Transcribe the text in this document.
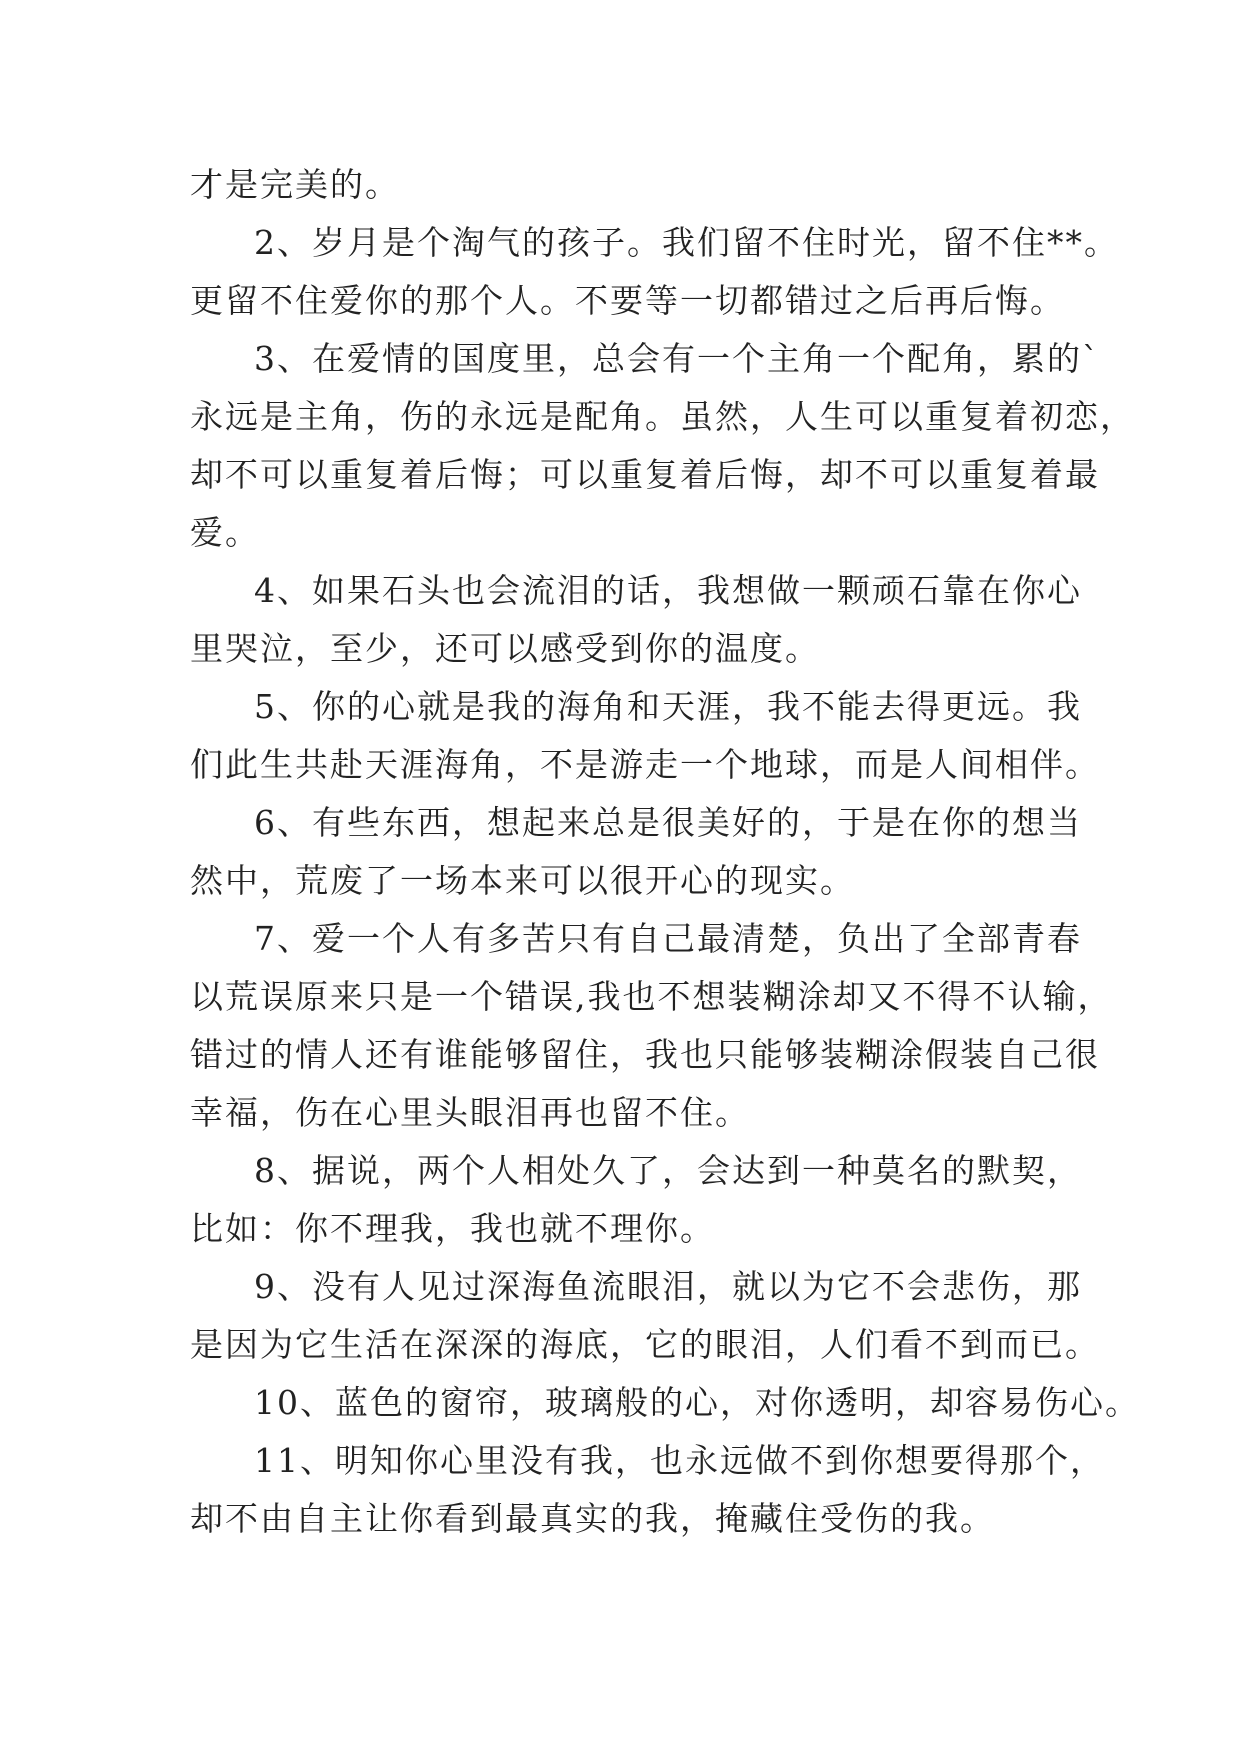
才是完美的。
2、岁月是个淘气的孩子。我们留不住时光，留不住**。
更留不住爱你的那个人。不要等一切都错过之后再后悔。
3、在爱情的国度里，总会有一个主角一个配角，累的`
永远是主角，伤的永远是配角。虽然，人生可以重复着初恋，
却不可以重复着后悔；可以重复着后悔，却不可以重复着最
爱。
4、如果石头也会流泪的话，我想做一颗顽石靠在你心
里哭泣，至少，还可以感受到你的温度。
5、你的心就是我的海角和天涯，我不能去得更远。我
们此生共赴天涯海角，不是游走一个地球，而是人间相伴。
6、有些东西，想起来总是很美好的，于是在你的想当
然中，荒废了一场本来可以很开心的现实。
7、爱一个人有多苦只有自己最清楚，负出了全部青春
以荒误原来只是一个错误,我也不想装糊涂却又不得不认输，
错过的情人还有谁能够留住，我也只能够装糊涂假装自己很
幸福，伤在心里头眼泪再也留不住。
8、据说，两个人相处久了，会达到一种莫名的默契，
比如：你不理我，我也就不理你。
9、没有人见过深海鱼流眼泪，就以为它不会悲伤，那
是因为它生活在深深的海底，它的眼泪，人们看不到而已。
10、蓝色的窗帘，玻璃般的心，对你透明，却容易伤心。
11、明知你心里没有我，也永远做不到你想要得那个，
却不由自主让你看到最真实的我，掩藏住受伤的我。
